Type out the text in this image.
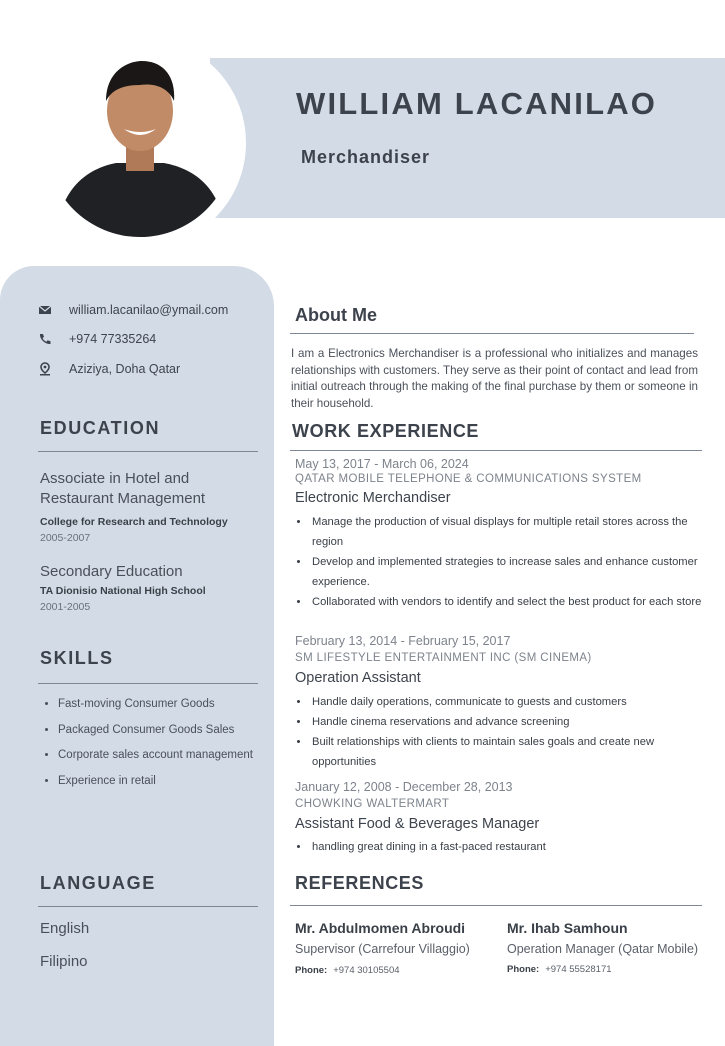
WILLIAM LACANILAO
Merchandiser
william.lacanilao@ymail.com
+974 77335264
Aziziya, Doha Qatar
EDUCATION
Associate in Hotel and Restaurant Management
College for Research and Technology
2005-2007
Secondary Education
TA Dionisio National High School
2001-2005
SKILLS
• Fast-moving Consumer Goods
• Packaged Consumer Goods Sales
• Corporate sales account management
• Experience in retail
LANGUAGE
English
Filipino
About Me
I am a Electronics Merchandiser is a professional who initializes and manages relationships with customers. They serve as their point of contact and lead from initial outreach through the making of the final purchase by them or someone in their household.
WORK EXPERIENCE
May 13, 2017 - March 06, 2024
QATAR MOBILE TELEPHONE & COMMUNICATIONS SYSTEM
Electronic Merchandiser
• Manage the production of visual displays for multiple retail stores across the region
• Develop and implemented strategies to increase sales and enhance customer experience.
• Collaborated with vendors to identify and select the best product for each store
February 13, 2014 - February 15, 2017
SM LIFESTYLE ENTERTAINMENT INC (SM CINEMA)
Operation Assistant
• Handle daily operations, communicate to guests and customers
• Handle cinema reservations and advance screening
• Built relationships with clients to maintain sales goals and create new opportunities
January 12, 2008 - December 28, 2013
CHOWKING WALTERMART
Assistant Food & Beverages Manager
• handling great dining in a fast-paced restaurant
REFERENCES
Mr. Abdulmomen Abroudi
Supervisor (Carrefour Villaggio)
Phone: +974 30105504
Mr. Ihab Samhoun
Operation Manager (Qatar Mobile)
Phone: +974 55528171
